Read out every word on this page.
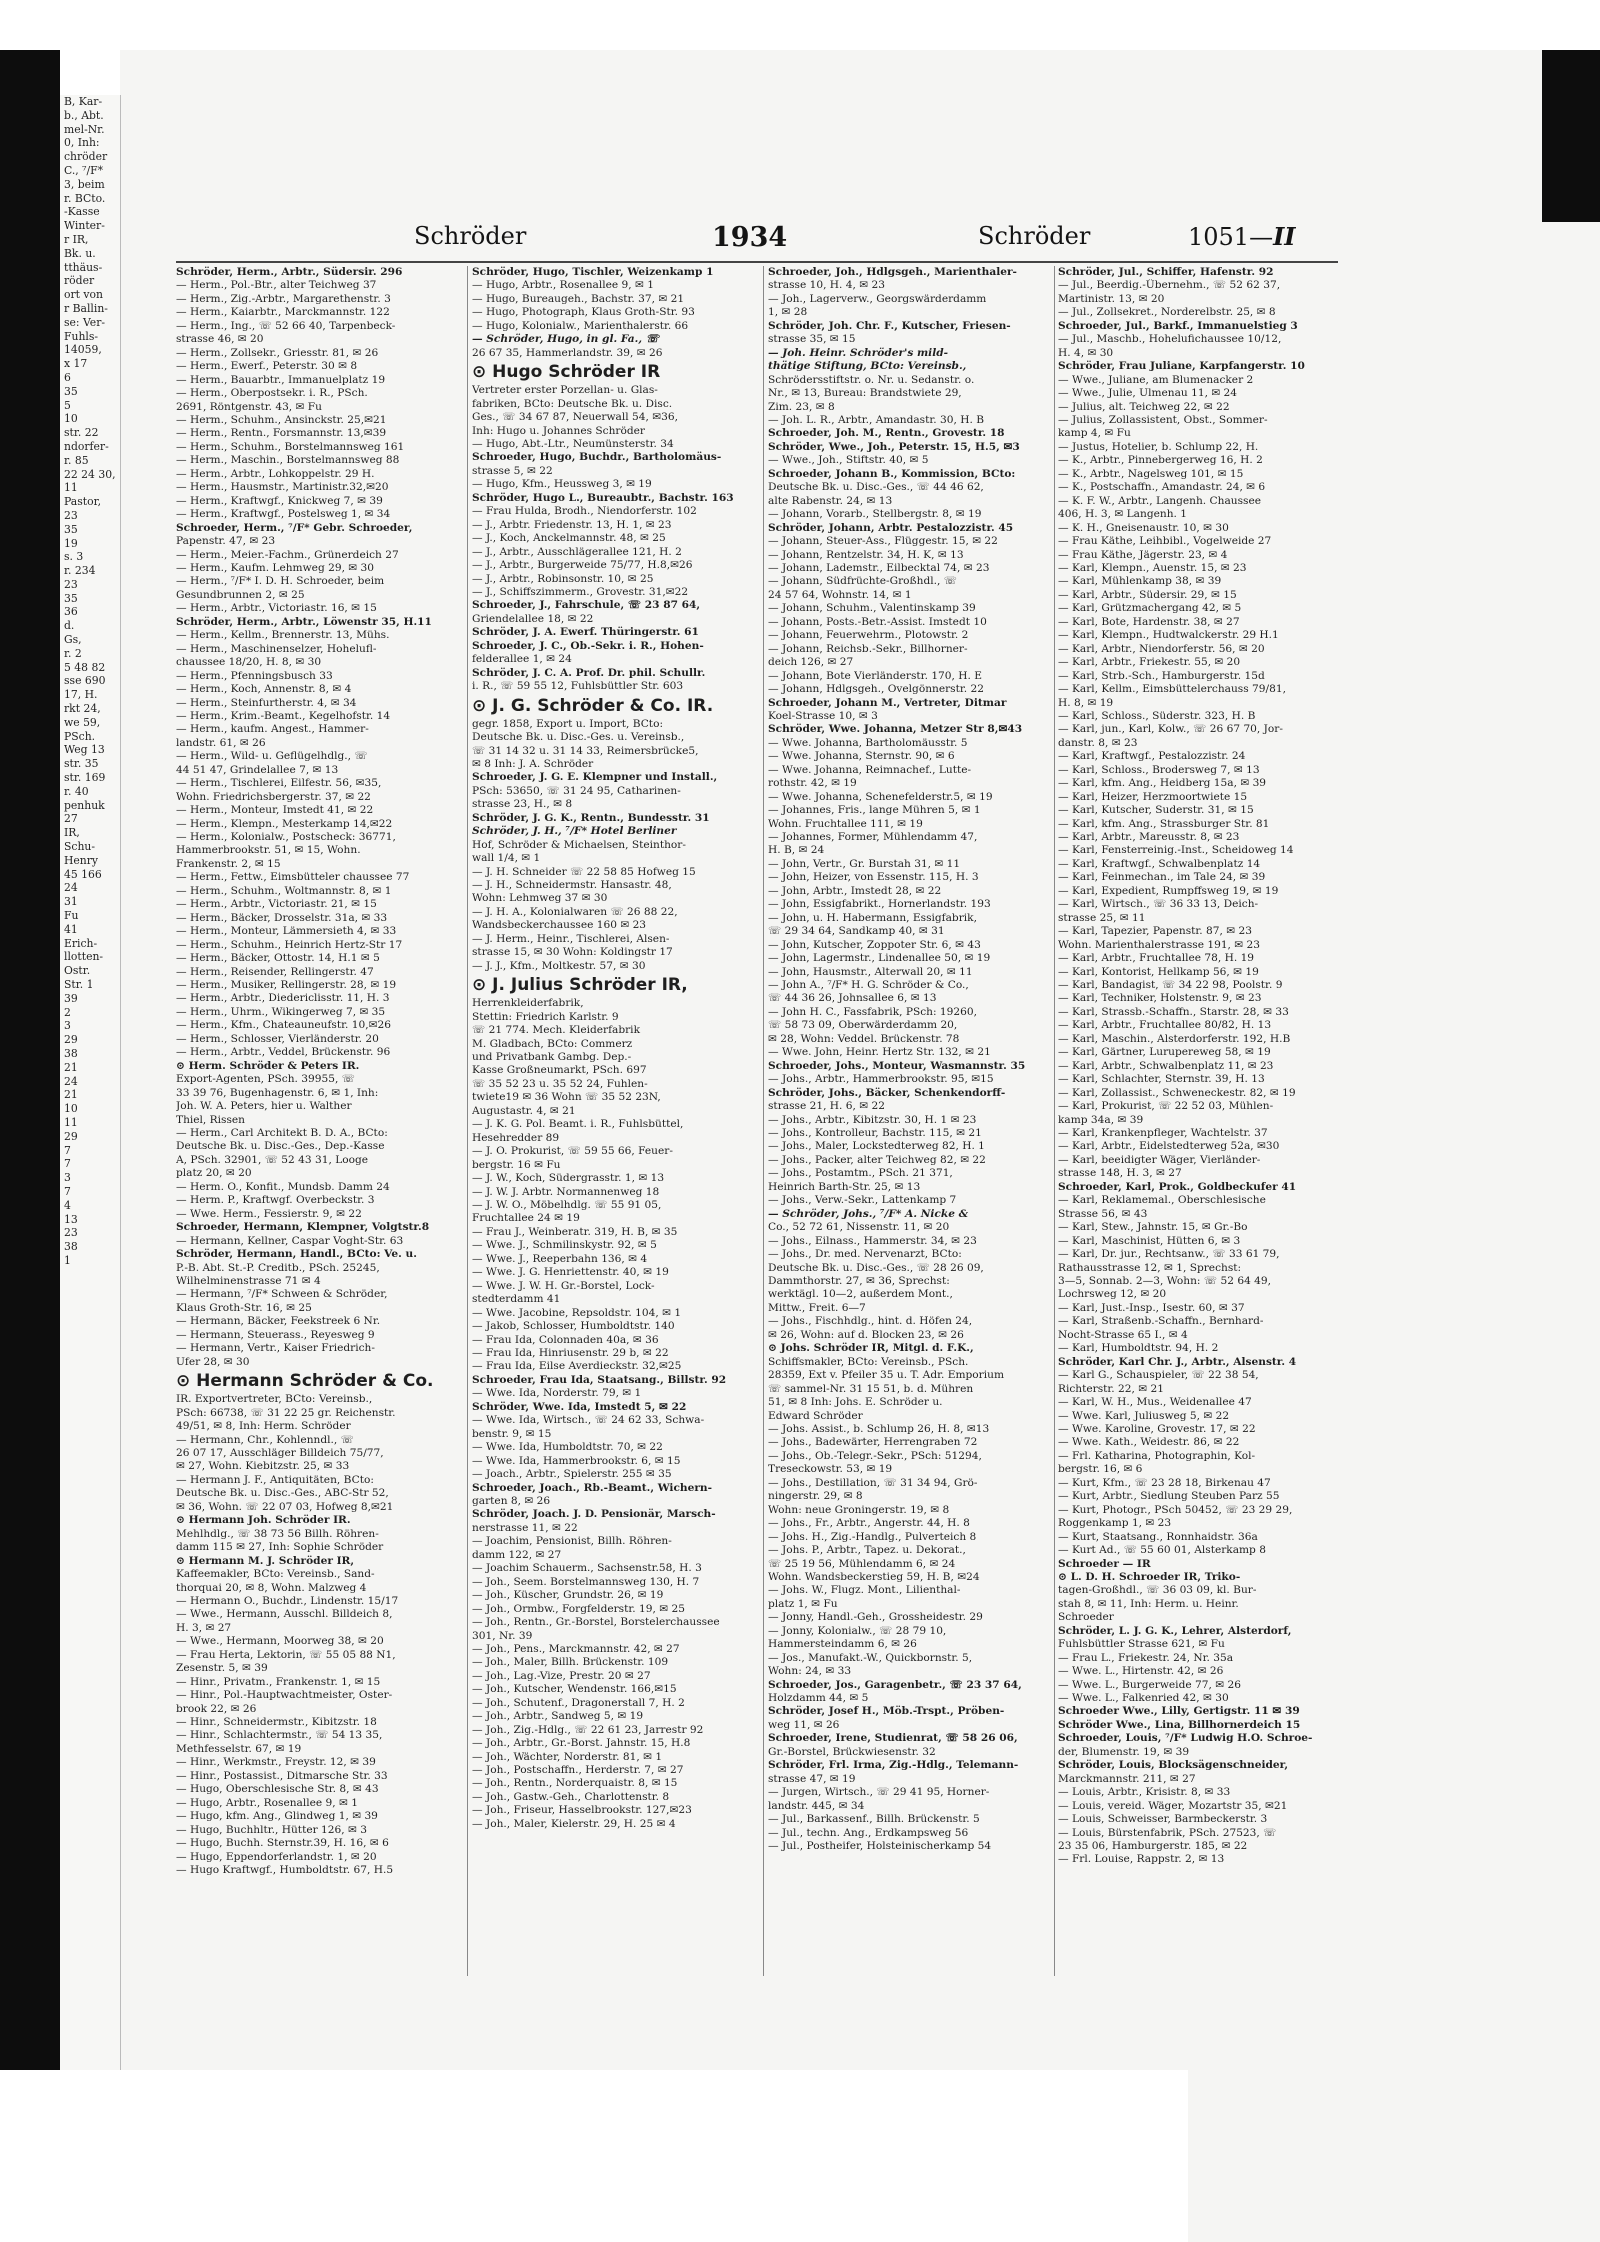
B, Kar-
b., Abt.
mel-Nr.
0, Inh:
chröder
C., ⁷/F*
3, beim
r. BCto.
-Kasse
Winter-
r IR,
Bk. u.
tthäus-
röder
ort von
r Ballin-
se: Ver-
Fuhls-
14059,
x 17
6
35
5
10
str. 22
ndorfer-
r. 85
22 24 30,
11
Pastor,
23
35
19
s. 3
r. 234
23
35
36
d.
Gs,
r. 2
5 48 82
sse 690
17, H.
rkt 24,
we 59,
PSch.
Weg 13
str. 35
str. 169
r. 40
penhuk
27
IR,
Schu-
Henry
45 166
24
31
Fu
41
Erich-
llotten-
Ostr.
Str. 1
39
2
3
29
38
21
24
21
10
11
29
7
7
3
7
4
13
23
38
1
Schröder	1934	Schröder	1051—II
Schröder, Herm., Arbtr., Südersir. 296
— Herm., Pol.-Btr., alter Teichweg 37
— Herm., Zig.-Arbtr., Margarethenstr. 3
— Herm., Kaiarbtr., Marckmannstr. 122
— Herm., Ing., ☏ 52 66 40, Tarpenbeck-
strasse 46, ✉ 20
— Herm., Zollsekr., Griesstr. 81, ✉ 26
— Herm., Ewerf., Peterstr. 30 ✉ 8
— Herm., Bauarbtr., Immanuelplatz 19
— Herm., Oberpostsekr. i. R., PSch.
2691, Röntgenstr. 43, ✉ Fu
— Herm., Schuhm., Ansinckstr. 25,✉21
— Herm., Rentn., Forsmannstr. 13,✉39
— Herm., Schuhm., Borstelmannsweg 161
— Herm., Maschin., Borstelmannsweg 88
— Herm., Arbtr., Lohkoppelstr. 29 H.
— Herm., Hausmstr., Martinistr.32,✉20
— Herm., Kraftwgf., Knickweg 7, ✉ 39
— Herm., Kraftwgf., Postelsweg 1, ✉ 34
Schroeder, Herm., ⁷/F* Gebr. Schroeder,
Papenstr. 47, ✉ 23
— Herm., Meier.-Fachm., Grünerdeich 27
— Herm., Kaufm. Lehmweg 29, ✉ 30
— Herm., ⁷/F* I. D. H. Schroeder, beim
Gesundbrunnen 2, ✉ 25
— Herm., Arbtr., Victoriastr. 16, ✉ 15
Schröder, Herm., Arbtr., Löwenstr 35, H.11
— Herm., Kellm., Brennerstr. 13, Mühs.
— Herm., Maschinenselzer, Hohelufl-
chaussee 18/20, H. 8, ✉ 30
— Herm., Pfenningsbusch 33
— Herm., Koch, Annenstr. 8, ✉ 4
— Herm., Steinfurtherstr. 4, ✉ 34
— Herm., Krim.-Beamt., Kegelhofstr. 14
— Herm., kaufm. Angest., Hammer-
landstr. 61, ✉ 26
— Herm., Wild- u. Geflügelhdlg., ☏
44 51 47, Grindelallee 7, ✉ 13
— Herm., Tischlerei, Eilfestr. 56, ✉35,
Wohn. Friedrichsbergerstr. 37, ✉ 22
— Herm., Monteur, Imstedt 41, ✉ 22
— Herm., Klempn., Mesterkamp 14,✉22
— Herm., Kolonialw., Postscheck: 36771,
Hammerbrookstr. 51, ✉ 15, Wohn.
Frankenstr. 2, ✉ 15
— Herm., Fettw., Eimsbütteler chaussee 77
— Herm., Schuhm., Woltmannstr. 8, ✉ 1
— Herm., Arbtr., Victoriastr. 21, ✉ 15
— Herm., Bäcker, Drosselstr. 31a, ✉ 33
— Herm., Monteur, Lämmersieth 4, ✉ 33
— Herm., Schuhm., Heinrich Hertz-Str 17
— Herm., Bäcker, Ottostr. 14, H.1 ✉ 5
— Herm., Reisender, Rellingerstr. 47
— Herm., Musiker, Rellingerstr. 28, ✉ 19
— Herm., Arbtr., Diedericlisstr. 11, H. 3
— Herm., Uhrm., Wikingerweg 7, ✉ 35
— Herm., Kfm., Chateauneufstr. 10,✉26
— Herm., Schlosser, Vierländerstr. 20
— Herm., Arbtr., Veddel, Brückenstr. 96
⊙ Herm. Schröder & Peters IR.
Export-Agenten, PSch. 39955, ☏
33 39 76, Bugenhagenstr. 6, ✉ 1, Inh:
Joh. W. A. Peters, hier u. Walther
Thiel, Rissen
— Herm., Carl Architekt B. D. A., BCto:
Deutsche Bk. u. Disc.-Ges., Dep.-Kasse
A, PSch. 32901, ☏ 52 43 31, Looge
platz 20, ✉ 20
— Herm. O., Konfit., Mundsb. Damm 24
— Herm. P., Kraftwgf. Overbeckstr. 3
— Wwe. Herm., Fessierstr. 9, ✉ 22
Schroeder, Hermann, Klempner, Volgtstr.8
— Hermann, Kellner, Caspar Voght-Str. 63
Schröder, Hermann, Handl., BCto: Ve. u.
P.-B. Abt. St.-P. Creditb., PSch. 25245,
Wilhelminenstrasse 71 ✉ 4
— Hermann, ⁷/F* Schween & Schröder,
Klaus Groth-Str. 16, ✉ 25
— Hermann, Bäcker, Feekstreek 6 Nr.
— Hermann, Steuerass., Reyesweg 9
— Hermann, Vertr., Kaiser Friedrich-
Ufer 28, ✉ 30
⊙ Hermann Schröder & Co.
IR. Exportvertreter, BCto: Vereinsb.,
PSch: 66738, ☏ 31 22 25 gr. Reichenstr.
49/51, ✉ 8, Inh: Herm. Schröder
— Hermann, Chr., Kohlenndl., ☏
26 07 17, Ausschläger Billdeich 75/77,
✉ 27, Wohn. Kiebitzstr. 25, ✉ 33
— Hermann J. F., Antiquitäten, BCto:
Deutsche Bk. u. Disc.-Ges., ABC-Str 52,
✉ 36, Wohn. ☏ 22 07 03, Hofweg 8,✉21
⊙ Hermann Joh. Schröder IR.
Mehlhdlg., ☏ 38 73 56 Billh. Röhren-
damm 115 ✉ 27, Inh: Sophie Schröder
⊙ Hermann M. J. Schröder IR,
Kaffeemakler, BCto: Vereinsb., Sand-
thorquai 20, ✉ 8, Wohn. Malzweg 4
— Hermann O., Buchdr., Lindenstr. 15/17
— Wwe., Hermann, Ausschl. Billdeich 8,
H. 3, ✉ 27
— Wwe., Hermann, Moorweg 38, ✉ 20
— Frau Herta, Lektorin, ☏ 55 05 88 N1,
Zesenstr. 5, ✉ 39
— Hinr., Privatm., Frankenstr. 1, ✉ 15
— Hinr., Pol.-Hauptwachtmeister, Oster-
brook 22, ✉ 26
— Hinr., Schneidermstr., Kibitzstr. 18
— Hinr., Schlachtermstr., ☏ 54 13 35,
Methfesselstr. 67, ✉ 19
— Hinr., Werkmstr., Freystr. 12, ✉ 39
— Hinr., Postassist., Ditmarsche Str. 33
— Hugo, Oberschlesische Str. 8, ✉ 43
— Hugo, Arbtr., Rosenallee 9, ✉ 1
— Hugo, kfm. Ang., Glindweg 1, ✉ 39
— Hugo, Buchhltr., Hütter 126, ✉ 3
— Hugo, Buchh. Sternstr.39, H. 16, ✉ 6
— Hugo, Eppendorferlandstr. 1, ✉ 20
— Hugo Kraftwgf., Humboldtstr. 67, H.5
Schröder, Hugo, Tischler, Weizenkamp 1
— Hugo, Arbtr., Rosenallee 9, ✉ 1
— Hugo, Bureaugeh., Bachstr. 37, ✉ 21
— Hugo, Photograph, Klaus Groth-Str. 93
— Hugo, Kolonialw., Marienthalerstr. 66
— Schröder, Hugo, in gl. Fa., ☏
26 67 35, Hammerlandstr. 39, ✉ 26
⊙ Hugo Schröder IR
Vertreter erster Porzellan- u. Glas-
fabriken, BCto: Deutsche Bk. u. Disc.
Ges., ☏ 34 67 87, Neuerwall 54, ✉36,
Inh: Hugo u. Johannes Schröder
— Hugo, Abt.-Ltr., Neumünsterstr. 34
Schroeder, Hugo, Buchdr., Bartholomäus-
strasse 5, ✉ 22
— Hugo, Kfm., Heussweg 3, ✉ 19
Schröder, Hugo L., Bureaubtr., Bachstr. 163
— Frau Hulda, Brodh., Niendorferstr. 102
— J., Arbtr. Friedenstr. 13, H. 1, ✉ 23
— J., Koch, Anckelmannstr. 48, ✉ 25
— J., Arbtr., Ausschlägerallee 121, H. 2
— J., Arbtr., Burgerweide 75/77, H.8,✉26
— J., Arbtr., Robinsonstr. 10, ✉ 25
— J., Schiffszimmerm., Grovestr. 31,✉22
Schroeder, J., Fahrschule, ☏ 23 87 64,
Griendelallee 18, ✉ 22
Schröder, J. A. Ewerf. Thüringerstr. 61
Schroeder, J. C., Ob.-Sekr. i. R., Hohen-
felderallee 1, ✉ 24
Schröder, J. C. A. Prof. Dr. phil. Schullr.
i. R., ☏ 59 55 12, Fuhlsbüttler Str. 603
⊙ J. G. Schröder & Co. IR.
gegr. 1858, Export u. Import, BCto:
Deutsche Bk. u. Disc.-Ges. u. Vereinsb.,
☏ 31 14 32 u. 31 14 33, Reimersbrücke5,
✉ 8 Inh: J. A. Schröder
Schroeder, J. G. E. Klempner und Install.,
PSch: 53650, ☏ 31 24 95, Catharinen-
strasse 23, H., ✉ 8
Schröder, J. G. K., Rentn., Bundesstr. 31
Schröder, J. H., ⁷/F* Hotel Berliner
Hof, Schröder & Michaelsen, Steinthor-
wall 1/4, ✉ 1
— J. H. Schneider ☏ 22 58 85 Hofweg 15
— J. H., Schneidermstr. Hansastr. 48,
Wohn: Lehmweg 37 ✉ 30
— J. H. A., Kolonialwaren ☏ 26 88 22,
Wandsbeckerchaussee 160 ✉ 23
— J. Herm., Heinr., Tischlerei, Alsen-
strasse 15, ✉ 30 Wohn: Koldingstr 17
— J. J., Kfm., Moltkestr. 57, ✉ 30
⊙ J. Julius Schröder IR,
Herrenkleiderfabrik,
Stettin: Friedrich Karlstr. 9
☏ 21 774. Mech. Kleiderfabrik
M. Gladbach, BCto: Commerz
und Privatbank Gambg. Dep.-
Kasse Großneumarkt, PSch. 697
☏ 35 52 23 u. 35 52 24, Fuhlen-
twiete19 ✉ 36 Wohn ☏ 35 52 23N,
Augustastr. 4, ✉ 21
— J. K. G. Pol. Beamt. i. R., Fuhlsbüttel,
Hesehredder 89
— J. O. Prokurist, ☏ 59 55 66, Feuer-
bergstr. 16 ✉ Fu
— J. W., Koch, Südergrasstr. 1, ✉ 13
— J. W. J. Arbtr. Normannenweg 18
— J. W. O., Möbelhdlg. ☏ 55 91 05,
Fruchtallee 24 ✉ 19
— Frau J., Weinberatr. 319, H. B, ✉ 35
— Wwe. J., Schmilinskystr. 92, ✉ 5
— Wwe. J., Reeperbahn 136, ✉ 4
— Wwe. J. G. Henriettenstr. 40, ✉ 19
— Wwe. J. W. H. Gr.-Borstel, Lock-
stedterdamm 41
— Wwe. Jacobine, Repsoldstr. 104, ✉ 1
— Jakob, Schlosser, Humboldtstr. 140
— Frau Ida, Colonnaden 40a, ✉ 36
— Frau Ida, Hinriusenstr. 29 b, ✉ 22
— Frau Ida, Eilse Averdieckstr. 32,✉25
Schroeder, Frau Ida, Staatsang., Billstr. 92
— Wwe. Ida, Norderstr. 79, ✉ 1
Schröder, Wwe. Ida, Imstedt 5, ✉ 22
— Wwe. Ida, Wirtsch., ☏ 24 62 33, Schwa-
benstr. 9, ✉ 15
— Wwe. Ida, Humboldtstr. 70, ✉ 22
— Wwe. Ida, Hammerbrookstr. 6, ✉ 15
— Joach., Arbtr., Spielerstr. 255 ✉ 35
Schroeder, Joach., Rb.-Beamt., Wichern-
garten 8, ✉ 26
Schröder, Joach. J. D. Pensionär, Marsch-
nerstrasse 11, ✉ 22
— Joachim, Pensionist, Billh. Röhren-
damm 122, ✉ 27
— Joachim Schauerm., Sachsenstr.58, H. 3
— Joh., Seem. Borstelmannsweg 130, H. 7
— Joh., Küscher, Grundstr. 26, ✉ 19
— Joh., Ormbw., Forgfelderstr. 19, ✉ 25
— Joh., Rentn., Gr.-Borstel, Borstelerchaussee
301, Nr. 39
— Joh., Pens., Marckmannstr. 42, ✉ 27
— Joh., Maler, Billh. Brückenstr. 109
— Joh., Lag.-Vize, Prestr. 20 ✉ 27
— Joh., Kutscher, Wendenstr. 166,✉15
— Joh., Schutenf., Dragonerstall 7, H. 2
— Joh., Arbtr., Sandweg 5, ✉ 19
— Joh., Zig.-Hdlg., ☏ 22 61 23, Jarrestr 92
— Joh., Arbtr., Gr.-Borst. Jahnstr. 15, H.8
— Joh., Wächter, Norderstr. 81, ✉ 1
— Joh., Postschaffn., Herderstr. 7, ✉ 27
— Joh., Rentn., Norderquaistr. 8, ✉ 15
— Joh., Gastw.-Geh., Charlottenstr. 8
— Joh., Friseur, Hasselbrookstr. 127,✉23
— Joh., Maler, Kielerstr. 29, H. 25 ✉ 4
Schroeder, Joh., Hdlgsgeh., Marienthaler-
strasse 10, H. 4, ✉ 23
— Joh., Lagerverw., Georgswärderdamm
1, ✉ 28
Schröder, Joh. Chr. F., Kutscher, Friesen-
strasse 35, ✉ 15
— Joh. Heinr. Schröder's mild-
thätige Stiftung, BCto: Vereinsb.,
Schrödersstiftstr. o. Nr. u. Sedanstr. o.
Nr., ✉ 13, Bureau: Brandstwiete 29,
Zim. 23, ✉ 8
— Joh. L. R., Arbtr., Amandastr. 30, H. B
Schroeder, Joh. M., Rentn., Grovestr. 18
Schröder, Wwe., Joh., Peterstr. 15, H.5, ✉3
— Wwe., Joh., Stiftstr. 40, ✉ 5
Schroeder, Johann B., Kommission, BCto:
Deutsche Bk. u. Disc.-Ges., ☏ 44 46 62,
alte Rabenstr. 24, ✉ 13
— Johann, Vorarb., Stellbergstr. 8, ✉ 19
Schröder, Johann, Arbtr. Pestalozzistr. 45
— Johann, Steuer-Ass., Flüggestr. 15, ✉ 22
— Johann, Rentzelstr. 34, H. K, ✉ 13
— Johann, Lademstr., Eilbecktal 74, ✉ 23
— Johann, Südfrüchte-Großhdl., ☏
24 57 64, Wohnstr. 14, ✉ 1
— Johann, Schuhm., Valentinskamp 39
— Johann, Posts.-Betr.-Assist. Imstedt 10
— Johann, Feuerwehrm., Plotowstr. 2
— Johann, Reichsb.-Sekr., Billhorner-
deich 126, ✉ 27
— Johann, Bote Vierländerstr. 170, H. E
— Johann, Hdlgsgeh., Ovelgönnerstr. 22
Schroeder, Johann M., Vertreter, Ditmar
Koel-Strasse 10, ✉ 3
Schröder, Wwe. Johanna, Metzer Str 8,✉43
— Wwe. Johanna, Bartholomäusstr. 5
— Wwe. Johanna, Sternstr. 90, ✉ 6
— Wwe. Johanna, Reimnachef., Lutte-
rothstr. 42, ✉ 19
— Wwe. Johanna, Schenefelderstr.5, ✉ 19
— Johannes, Fris., lange Mühren 5, ✉ 1
Wohn. Fruchtallee 111, ✉ 19
— Johannes, Former, Mühlendamm 47,
H. B, ✉ 24
— John, Vertr., Gr. Burstah 31, ✉ 11
— John, Heizer, von Essenstr. 115, H. 3
— John, Arbtr., Imstedt 28, ✉ 22
— John, Essigfabrikt., Hornerlandstr. 193
— John, u. H. Habermann, Essigfabrik,
☏ 29 34 64, Sandkamp 40, ✉ 31
— John, Kutscher, Zoppoter Str. 6, ✉ 43
— John, Lagermstr., Lindenallee 50, ✉ 19
— John, Hausmstr., Alterwall 20, ✉ 11
— John A., ⁷/F* H. G. Schröder & Co.,
☏ 44 36 26, Johnsallee 6, ✉ 13
— John H. C., Fassfabrik, PSch: 19260,
☏ 58 73 09, Oberwärderdamm 20,
✉ 28, Wohn: Veddel. Brückenstr. 78
— Wwe. John, Heinr. Hertz Str. 132, ✉ 21
Schroeder, Johs., Monteur, Wasmannstr. 35
— Johs., Arbtr., Hammerbrookstr. 95, ✉15
Schröder, Johs., Bäcker, Schenkendorff-
strasse 21, H. 6, ✉ 22
— Johs., Arbtr., Kibitzstr. 30, H. 1 ✉ 23
— Johs., Kontrolleur, Bachstr. 115, ✉ 21
— Johs., Maler, Lockstedterweg 82, H. 1
— Johs., Packer, alter Teichweg 82, ✉ 22
— Johs., Postamtm., PSch. 21 371,
Heinrich Barth-Str. 25, ✉ 13
— Johs., Verw.-Sekr., Lattenkamp 7
— Schröder, Johs., ⁷/F* A. Nicke &
Co., 52 72 61, Nissenstr. 11, ✉ 20
— Johs., Eilnass., Hammerstr. 34, ✉ 23
— Johs., Dr. med. Nervenarzt, BCto:
Deutsche Bk. u. Disc.-Ges., ☏ 28 26 09,
Dammthorstr. 27, ✉ 36, Sprechst:
werktägl. 10—2, außerdem Mont.,
Mittw., Freit. 6—7
— Johs., Fischhdlg., hint. d. Höfen 24,
✉ 26, Wohn: auf d. Blocken 23, ✉ 26
⊙ Johs. Schröder IR, Mitgl. d. F.K.,
Schiffsmakler, BCto: Vereinsb., PSch.
28359, Ext v. Pfeiler 35 u. T. Adr. Emporium
☏ sammel-Nr. 31 15 51, b. d. Mühren
51, ✉ 8 Inh: Johs. E. Schröder u.
Edward Schröder
— Johs. Assist., b. Schlump 26, H. 8, ✉13
— Johs., Badewärter, Herrengraben 72
— Johs., Ob.-Telegr.-Sekr., PSch: 51294,
Treseckowstr. 53, ✉ 19
— Johs., Destillation, ☏ 31 34 94, Grö-
ningerstr. 29, ✉ 8
Wohn: neue Groningerstr. 19, ✉ 8
— Johs., Fr., Arbtr., Angerstr. 44, H. 8
— Johs. H., Zig.-Handlg., Pulverteich 8
— Johs. P., Arbtr., Tapez. u. Dekorat.,
☏ 25 19 56, Mühlendamm 6, ✉ 24
Wohn. Wandsbeckerstieg 59, H. B, ✉24
— Johs. W., Flugz. Mont., Lilienthal-
platz 1, ✉ Fu
— Jonny, Handl.-Geh., Grossheidestr. 29
— Jonny, Kolonialw., ☏ 28 79 10,
Hammersteindamm 6, ✉ 26
— Jos., Manufakt.-W., Quickbornstr. 5,
Wohn: 24, ✉ 33
Schroeder, Jos., Garagenbetr., ☏ 23 37 64,
Holzdamm 44, ✉ 5
Schröder, Josef H., Möb.-Trspt., Pröben-
weg 11, ✉ 26
Schroeder, Irene, Studienrat, ☏ 58 26 06,
Gr.-Borstel, Brückwiesenstr. 32
Schröder, Frl. Irma, Zig.-Hdlg., Telemann-
strasse 47, ✉ 19
— Jurgen, Wirtsch., ☏ 29 41 95, Horner-
landstr. 445, ✉ 34
— Jul., Barkassenf., Billh. Brückenstr. 5
— Jul., techn. Ang., Erdkampsweg 56
— Jul., Postheifer, Holsteinischerkamp 54
Schröder, Jul., Schiffer, Hafenstr. 92
— Jul., Beerdig.-Übernehm., ☏ 52 62 37,
Martinistr. 13, ✉ 20
— Jul., Zollsekret., Norderelbstr. 25, ✉ 8
Schroeder, Jul., Barkf., Immanuelstieg 3
— Jul., Maschb., Hohelufichaussee 10/12,
H. 4, ✉ 30
Schröder, Frau Juliane, Karpfangerstr. 10
— Wwe., Juliane, am Blumenacker 2
— Wwe., Julie, Ulmenau 11, ✉ 24
— Julius, alt. Teichweg 22, ✉ 22
— Julius, Zollassistent, Obst., Sommer-
kamp 4, ✉ Fu
— Justus, Hotelier, b. Schlump 22, H.
— K., Arbtr., Pinnebergerweg 16, H. 2
— K., Arbtr., Nagelsweg 101, ✉ 15
— K., Postschaffn., Amandastr. 24, ✉ 6
— K. F. W., Arbtr., Langenh. Chaussee
406, H. 3, ✉ Langenh. 1
— K. H., Gneisenaustr. 10, ✉ 30
— Frau Käthe, Leihbibl., Vogelweide 27
— Frau Käthe, Jägerstr. 23, ✉ 4
— Karl, Klempn., Auenstr. 15, ✉ 23
— Karl, Mühlenkamp 38, ✉ 39
— Karl, Arbtr., Südersir. 29, ✉ 15
— Karl, Grützmachergang 42, ✉ 5
— Karl, Bote, Hardenstr. 38, ✉ 27
— Karl, Klempn., Hudtwalckerstr. 29 H.1
— Karl, Arbtr., Niendorferstr. 56, ✉ 20
— Karl, Arbtr., Friekestr. 55, ✉ 20
— Karl, Strb.-Sch., Hamburgerstr. 15d
— Karl, Kellm., Eimsbüttelerchauss 79/81,
H. 8, ✉ 19
— Karl, Schloss., Süderstr. 323, H. B
— Karl, jun., Karl, Kolw., ☏ 26 67 70, Jor-
danstr. 8, ✉ 23
— Karl, Kraftwgf., Pestalozzistr. 24
— Karl, Schloss., Brodersweg 7, ✉ 13
— Karl, kfm. Ang., Heidberg 15a, ✉ 39
— Karl, Heizer, Herzmoortwiete 15
— Karl, Kutscher, Suderstr. 31, ✉ 15
— Karl, kfm. Ang., Strassburger Str. 81
— Karl, Arbtr., Mareusstr. 8, ✉ 23
— Karl, Fensterreinig.-Inst., Scheidoweg 14
— Karl, Kraftwgf., Schwalbenplatz 14
— Karl, Feinmechan., im Tale 24, ✉ 39
— Karl, Expedient, Rumpffsweg 19, ✉ 19
— Karl, Wirtsch., ☏ 36 33 13, Deich-
strasse 25, ✉ 11
— Karl, Tapezier, Papenstr. 87, ✉ 23
Wohn. Marienthalerstrasse 191, ✉ 23
— Karl, Arbtr., Fruchtallee 78, H. 19
— Karl, Kontorist, Hellkamp 56, ✉ 19
— Karl, Bandagist, ☏ 34 22 98, Poolstr. 9
— Karl, Techniker, Holstenstr. 9, ✉ 23
— Karl, Strassb.-Schaffn., Starstr. 28, ✉ 33
— Karl, Arbtr., Fruchtallee 80/82, H. 13
— Karl, Maschin., Alsterdorferstr. 192, H.B
— Karl, Gärtner, Lurupereweg 58, ✉ 19
— Karl, Arbtr., Schwalbenplatz 11, ✉ 23
— Karl, Schlachter, Sternstr. 39, H. 13
— Karl, Zollassist., Schweneckestr. 82, ✉ 19
— Karl, Prokurist, ☏ 22 52 03, Mühlen-
kamp 34a, ✉ 39
— Karl, Krankenpfleger, Wachtelstr. 37
— Karl, Arbtr., Eidelstedterweg 52a, ✉30
— Karl, beeidigter Wäger, Vierländer-
strasse 148, H. 3, ✉ 27
Schroeder, Karl, Prok., Goldbeckufer 41
— Karl, Reklamemal., Oberschlesische
Strasse 56, ✉ 43
— Karl, Stew., Jahnstr. 15, ✉ Gr.-Bo
— Karl, Maschinist, Hütten 6, ✉ 3
— Karl, Dr. jur., Rechtsanw., ☏ 33 61 79,
Rathausstrasse 12, ✉ 1, Sprechst:
3—5, Sonnab. 2—3, Wohn: ☏ 52 64 49,
Lochrsweg 12, ✉ 20
— Karl, Just.-Insp., Isestr. 60, ✉ 37
— Karl, Straßenb.-Schaffn., Bernhard-
Nocht-Strasse 65 I., ✉ 4
— Karl, Humboldtstr. 94, H. 2
Schröder, Karl Chr. J., Arbtr., Alsenstr. 4
— Karl G., Schauspieler, ☏ 22 38 54,
Richterstr. 22, ✉ 21
— Karl, W. H., Mus., Weidenallee 47
— Wwe. Karl, Juliusweg 5, ✉ 22
— Wwe. Karoline, Grovestr. 17, ✉ 22
— Wwe. Kath., Weidestr. 86, ✉ 22
— Frl. Katharina, Photographin, Kol-
bergstr. 16, ✉ 6
— Kurt, Kfm., ☏ 23 28 18, Birkenau 47
— Kurt, Arbtr., Siedlung Steuben Parz 55
— Kurt, Photogr., PSch 50452, ☏ 23 29 29,
Roggenkamp 1, ✉ 23
— Kurt, Staatsang., Ronnhaidstr. 36a
— Kurt Ad., ☏ 55 60 01, Alsterkamp 8
Schroeder — IR
⊙ L. D. H. Schroeder IR, Triko-
tagen-Großhdl., ☏ 36 03 09, kl. Bur-
stah 8, ✉ 11, Inh: Herm. u. Heinr.
Schroeder
Schröder, L. J. G. K., Lehrer, Alsterdorf,
Fuhlsbüttler Strasse 621, ✉ Fu
— Frau L., Friekestr. 24, Nr. 35a
— Wwe. L., Hirtenstr. 42, ✉ 26
— Wwe. L., Burgerweide 77, ✉ 26
— Wwe. L., Falkenried 42, ✉ 30
Schroeder Wwe., Lilly, Gertigstr. 11 ✉ 39
Schröder Wwe., Lina, Billhornerdeich 15
Schroeder, Louis, ⁷/F* Ludwig H.O. Schroe-
der, Blumenstr. 19, ✉ 39
Schröder, Louis, Blocksägenschneider,
Marckmannstr. 211, ✉ 27
— Louis, Arbtr., Krisistr. 8, ✉ 33
— Louis, vereid. Wäger, Mozartstr 35, ✉21
— Louis, Schweisser, Barmbeckerstr. 3
— Louis, Bürstenfabrik, PSch. 27523, ☏
23 35 06, Hamburgerstr. 185, ✉ 22
— Frl. Louise, Rappstr. 2, ✉ 13
